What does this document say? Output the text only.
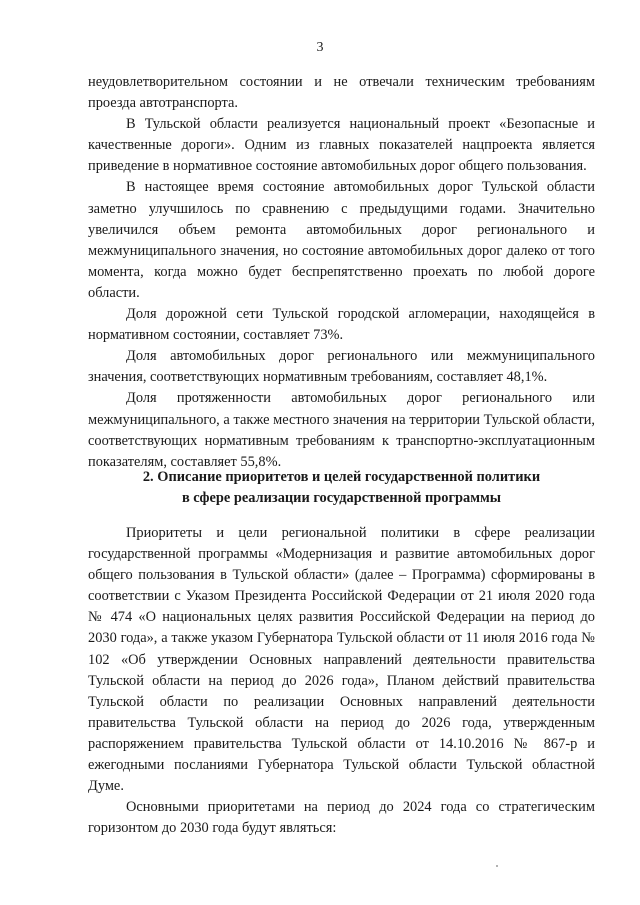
3

неудовлетворительном состоянии и не отвечали техническим требованиям проезда автотранспорта.

В Тульской области реализуется национальный проект «Безопасные и качественные дороги». Одним из главных показателей нацпроекта является приведение в нормативное состояние автомобильных дорог общего пользования.

В настоящее время состояние автомобильных дорог Тульской области заметно улучшилось по сравнению с предыдущими годами. Значительно увеличился объем ремонта автомобильных дорог регионального и межмуниципального значения, но состояние автомобильных дорог далеко от того момента, когда можно будет беспрепятственно проехать по любой дороге области.

Доля дорожной сети Тульской городской агломерации, находящейся в нормативном состоянии, составляет 73%.

Доля автомобильных дорог регионального или межмуниципального значения, соответствующих нормативным требованиям, составляет 48,1%.

Доля протяженности автомобильных дорог регионального или межмуниципального, а также местного значения на территории Тульской области, соответствующих нормативным требованиям к транспортно-эксплуатационным показателям, составляет 55,8%.

2. Описание приоритетов и целей государственной политики
в сфере реализации государственной программы

Приоритеты и цели региональной политики в сфере реализации государственной программы «Модернизация и развитие автомобильных дорог общего пользования в Тульской области» (далее – Программа) сформированы в соответствии с Указом Президента Российской Федерации от 21 июля 2020 года № 474 «О национальных целях развития Российской Федерации на период до 2030 года», а также указом Губернатора Тульской области от 11 июля 2016 года № 102 «Об утверждении Основных направлений деятельности правительства Тульской области на период до 2026 года», Планом действий правительства Тульской области по реализации Основных направлений деятельности правительства Тульской области на период до 2026 года, утвержденным распоряжением правительства Тульской области от 14.10.2016 № 867-р и ежегодными посланиями Губернатора Тульской области Тульской областной Думе.

Основными приоритетами на период до 2024 года со стратегическим горизонтом до 2030 года будут являться:
